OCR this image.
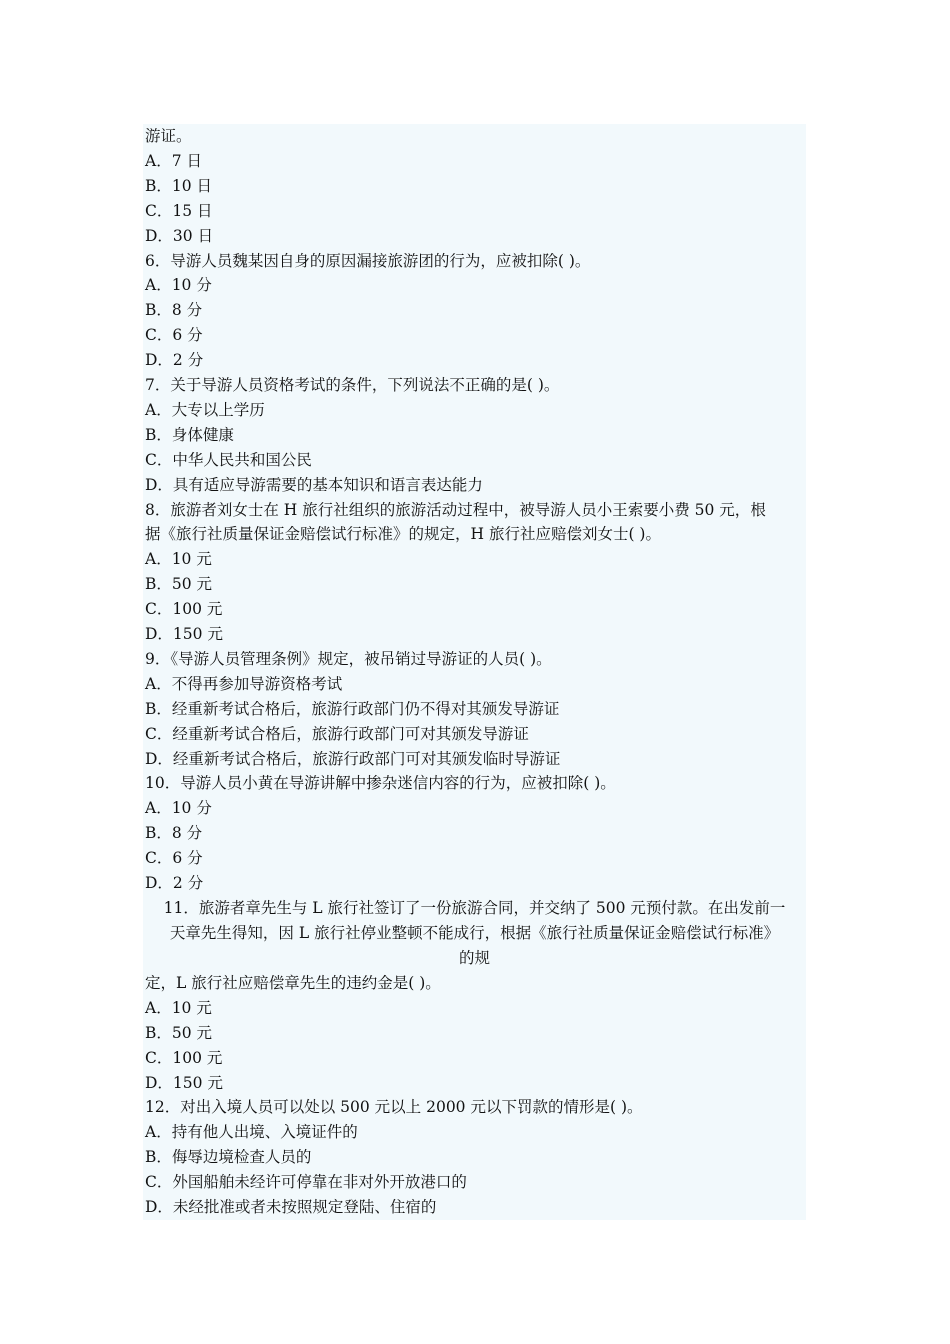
游证。
A．7 日
B．10 日
C．15 日
D．30 日
6．导游人员魏某因自身的原因漏接旅游团的行为，应被扣除( )。
A．10 分
B．8 分
C．6 分
D．2 分
7．关于导游人员资格考试的条件，下列说法不正确的是( )。
A．大专以上学历
B．身体健康
C．中华人民共和国公民
D．具有适应导游需要的基本知识和语言表达能力
8．旅游者刘女士在 H 旅行社组织的旅游活动过程中，被导游人员小王索要小费 50 元，根
据《旅行社质量保证金赔偿试行标准》的规定，H 旅行社应赔偿刘女士( )。
A．10 元
B．50 元
C．100 元
D．150 元
9．《导游人员管理条例》规定，被吊销过导游证的人员( )。
A．不得再参加导游资格考试
B．经重新考试合格后，旅游行政部门仍不得对其颁发导游证
C．经重新考试合格后，旅游行政部门可对其颁发导游证
D．经重新考试合格后，旅游行政部门可对其颁发临时导游证
10．导游人员小黄在导游讲解中掺杂迷信内容的行为，应被扣除( )。
A．10 分
B．8 分
C．6 分
D．2 分
11．旅游者章先生与 L 旅行社签订了一份旅游合同，并交纳了 500 元预付款。在出发前一
天章先生得知，因 L 旅行社停业整顿不能成行，根据《旅行社质量保证金赔偿试行标准》
的规
定，L 旅行社应赔偿章先生的违约金是( )。
A．10 元
B．50 元
C．100 元
D．150 元
12．对出入境人员可以处以 500 元以上 2000 元以下罚款的情形是( )。
A．持有他人出境、入境证件的
B．侮辱边境检查人员的
C．外国船舶未经许可停靠在非对外开放港口的
D．未经批准或者未按照规定登陆、住宿的
